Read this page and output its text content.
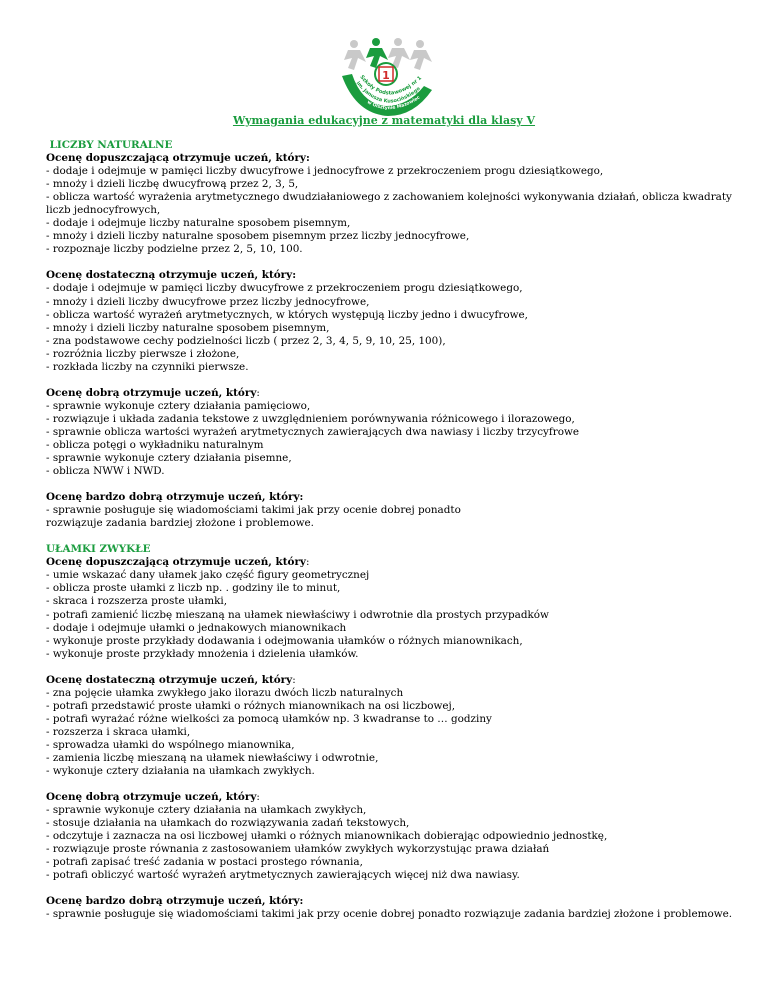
1
Szkoły Podstawowej nr 1
im. Janusza Kusocińskiego
w Olsztynie Mazowiec
Wymagania edukacyjne z matematyki dla klasy V
LICZBY NATURALNE
Ocenę dopuszczającą otrzymuje uczeń, który:
- dodaje i odejmuje w pamięci liczby dwucyfrowe i jednocyfrowe z przekroczeniem progu dziesiątkowego,
- mnoży i dzieli liczbę dwucyfrową przez 2, 3, 5,
- oblicza wartość wyrażenia arytmetycznego dwudziałaniowego z zachowaniem kolejności wykonywania działań, oblicza kwadraty liczb jednocyfrowych,
- dodaje i odejmuje liczby naturalne sposobem pisemnym,
- mnoży i dzieli liczby naturalne sposobem pisemnym przez liczby jednocyfrowe,
- rozpoznaje liczby podzielne przez 2, 5, 10, 100.
Ocenę dostateczną otrzymuje uczeń, który:
- dodaje i odejmuje w pamięci liczby dwucyfrowe z przekroczeniem progu dziesiątkowego,
- mnoży i dzieli liczby dwucyfrowe przez liczby jednocyfrowe,
- oblicza wartość wyrażeń arytmetycznych, w których występują liczby jedno i dwucyfrowe,
- mnoży i dzieli liczby naturalne sposobem pisemnym,
- zna podstawowe cechy podzielności liczb ( przez 2, 3, 4, 5, 9, 10, 25, 100),
- rozróżnia liczby pierwsze i złożone,
- rozkłada liczby na czynniki pierwsze.
Ocenę dobrą otrzymuje uczeń, który:
- sprawnie wykonuje cztery działania pamięciowo,
- rozwiązuje i układa zadania tekstowe z uwzględnieniem porównywania różnicowego i ilorazowego,
- sprawnie oblicza wartości wyrażeń arytmetycznych zawierających dwa nawiasy i liczby trzycyfrowe
- oblicza potęgi o wykładniku naturalnym
- sprawnie wykonuje cztery działania pisemne,
- oblicza NWW i NWD.
Ocenę bardzo dobrą otrzymuje uczeń, który:
- sprawnie posługuje się wiadomościami takimi jak przy ocenie dobrej ponadto
rozwiązuje zadania bardziej złożone i problemowe.
UŁAMKI ZWYKŁE
Ocenę dopuszczającą otrzymuje uczeń, który:
- umie wskazać dany ułamek jako część figury geometrycznej
- oblicza proste ułamki z liczb np. . godziny ile to minut,
- skraca i rozszerza proste ułamki,
- potrafi zamienić liczbę mieszaną na ułamek niewłaściwy i odwrotnie dla prostych przypadków
- dodaje i odejmuje ułamki o jednakowych mianownikach
- wykonuje proste przykłady dodawania i odejmowania ułamków o różnych mianownikach,
- wykonuje proste przykłady mnożenia i dzielenia ułamków.
Ocenę dostateczną otrzymuje uczeń, który:
- zna pojęcie ułamka zwykłego jako ilorazu dwóch liczb naturalnych
- potrafi przedstawić proste ułamki o różnych mianownikach na osi liczbowej,
- potrafi wyrażać różne wielkości za pomocą ułamków np. 3 kwadranse to … godziny
- rozszerza i skraca ułamki,
- sprowadza ułamki do wspólnego mianownika,
- zamienia liczbę mieszaną na ułamek niewłaściwy i odwrotnie,
- wykonuje cztery działania na ułamkach zwykłych.
Ocenę dobrą otrzymuje uczeń, który:
- sprawnie wykonuje cztery działania na ułamkach zwykłych,
- stosuje działania na ułamkach do rozwiązywania zadań tekstowych,
- odczytuje i zaznacza na osi liczbowej ułamki o różnych mianownikach dobierając odpowiednio jednostkę,
- rozwiązuje proste równania z zastosowaniem ułamków zwykłych wykorzystując prawa działań
- potrafi zapisać treść zadania w postaci prostego równania,
- potrafi obliczyć wartość wyrażeń arytmetycznych zawierających więcej niż dwa nawiasy.
Ocenę bardzo dobrą otrzymuje uczeń, który:
- sprawnie posługuje się wiadomościami takimi jak przy ocenie dobrej ponadto rozwiązuje zadania bardziej złożone i problemowe.
